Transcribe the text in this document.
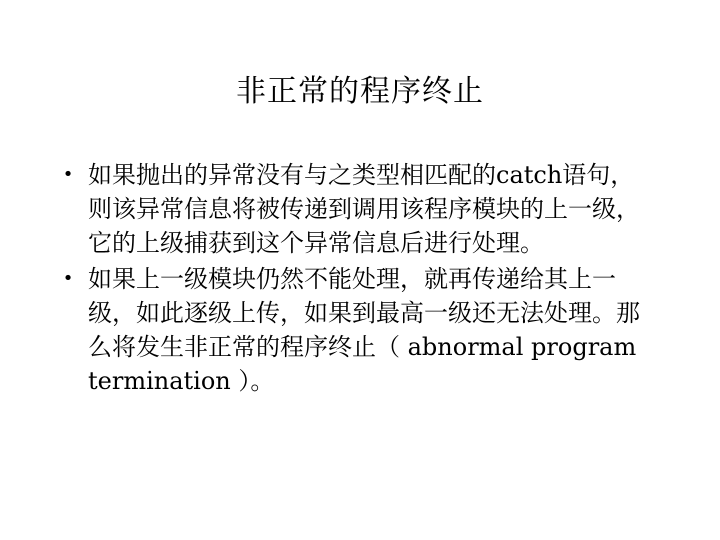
非正常的程序终止
• 如果抛出的异常没有与之类型相匹配的catch语句，则该异常信息将被传递到调用该程序模块的上一级，它的上级捕获到这个异常信息后进行处理。
• 如果上一级模块仍然不能处理，就再传递给其上一级，如此逐级上传，如果到最高一级还无法处理。那么将发生非正常的程序终止（ abnormal program termination ）。
